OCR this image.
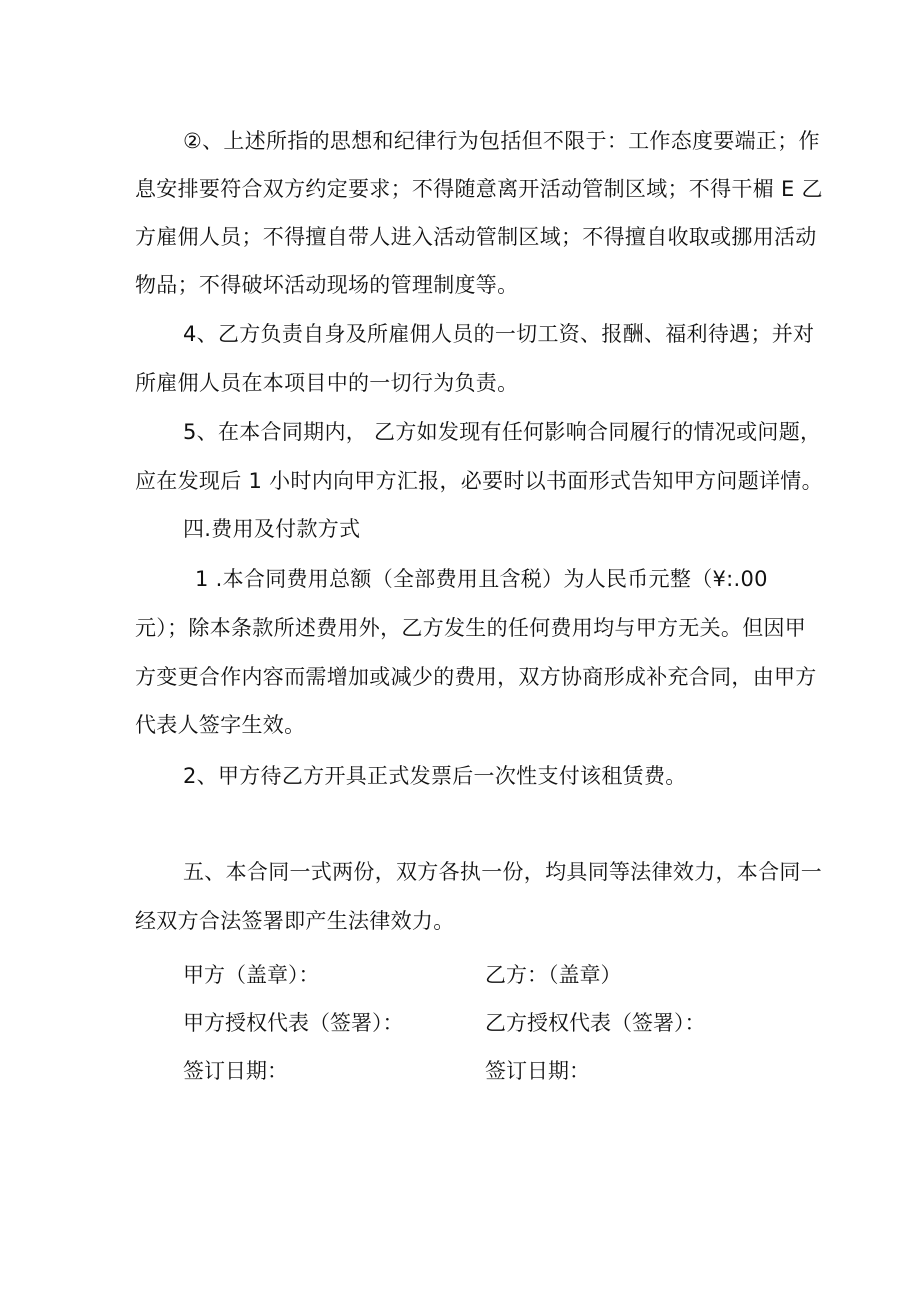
②、上述所指的思想和纪律行为包括但不限于：工作态度要端正；作
息安排要符合双方约定要求；不得随意离开活动管制区域；不得干楣 E 乙
方雇佣人员；不得擅自带人进入活动管制区域；不得擅自收取或挪用活动
物品；不得破坏活动现场的管理制度等。
4、乙方负责自身及所雇佣人员的一切工资、报酬、福利待遇；并对
所雇佣人员在本项目中的一切行为负责。
5、在本合同期内， 乙方如发现有任何影响合同履行的情况或问题，
应在发现后 1 小时内向甲方汇报，必要时以书面形式告知甲方问题详情。
四.费用及付款方式
1 .本合同费用总额（全部费用且含税）为人民币元整（¥:.00
元）；除本条款所述费用外，乙方发生的任何费用均与甲方无关。但因甲
方变更合作内容而需增加或减少的费用，双方协商形成补充合同，由甲方
代表人签字生效。
2、甲方待乙方开具正式发票后一次性支付该租赁费。
五、本合同一式两份，双方各执一份，均具同等法律效力，本合同一
经双方合法签署即产生法律效力。
甲方（盖章）：	乙方：（盖章）
甲方授权代表（签署）：	乙方授权代表（签署）：
签订日期：	签订日期：
